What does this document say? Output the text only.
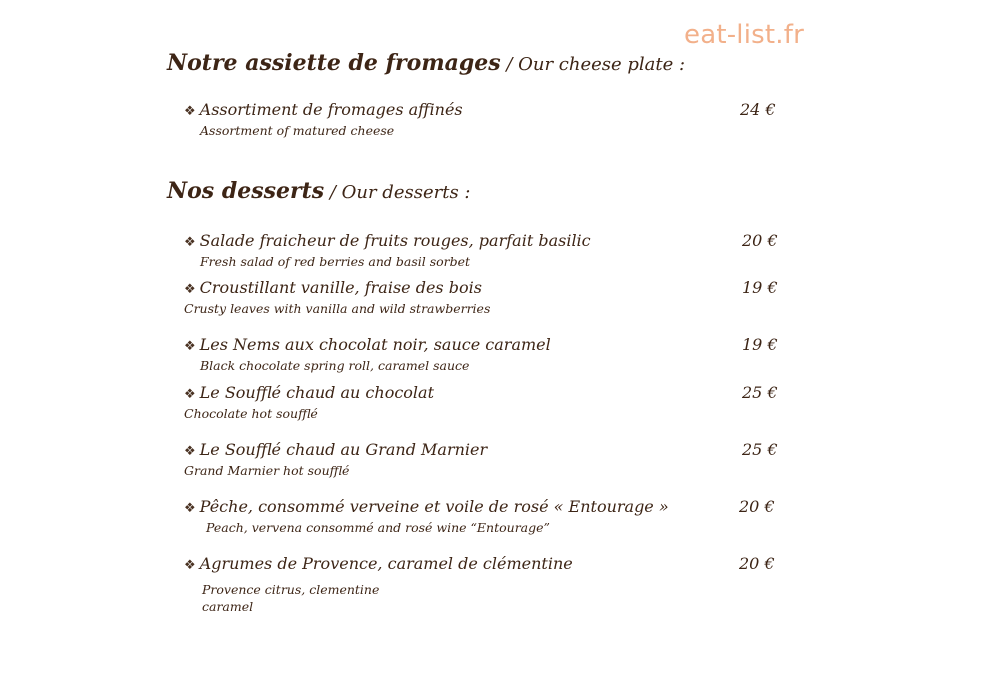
eat-list.fr
Notre assiette de fromages / Our cheese plate :
❖ Assortiment de fromages affinés
Assortment of matured cheese
24 €
Nos desserts / Our desserts :
❖ Salade fraicheur de fruits rouges, parfait basilic
Fresh salad of red berries and basil sorbet
20 €
❖ Croustillant vanille, fraise des bois
Crusty leaves with vanilla and wild strawberries
19 €
❖ Les Nems aux chocolat noir, sauce caramel
Black chocolate spring roll, caramel sauce
19 €
❖ Le Soufflé chaud au chocolat
Chocolate hot soufflé
25 €
❖ Le Soufflé chaud au Grand Marnier
Grand Marnier hot soufflé
25 €
❖ Pêche, consommé verveine et voile de rosé « Entourage »
Peach, vervena consommé and rosé wine “Entourage”
20 €
❖ Agrumes de Provence, caramel de clémentine
Provence citrus, clementine
caramel
20 €
